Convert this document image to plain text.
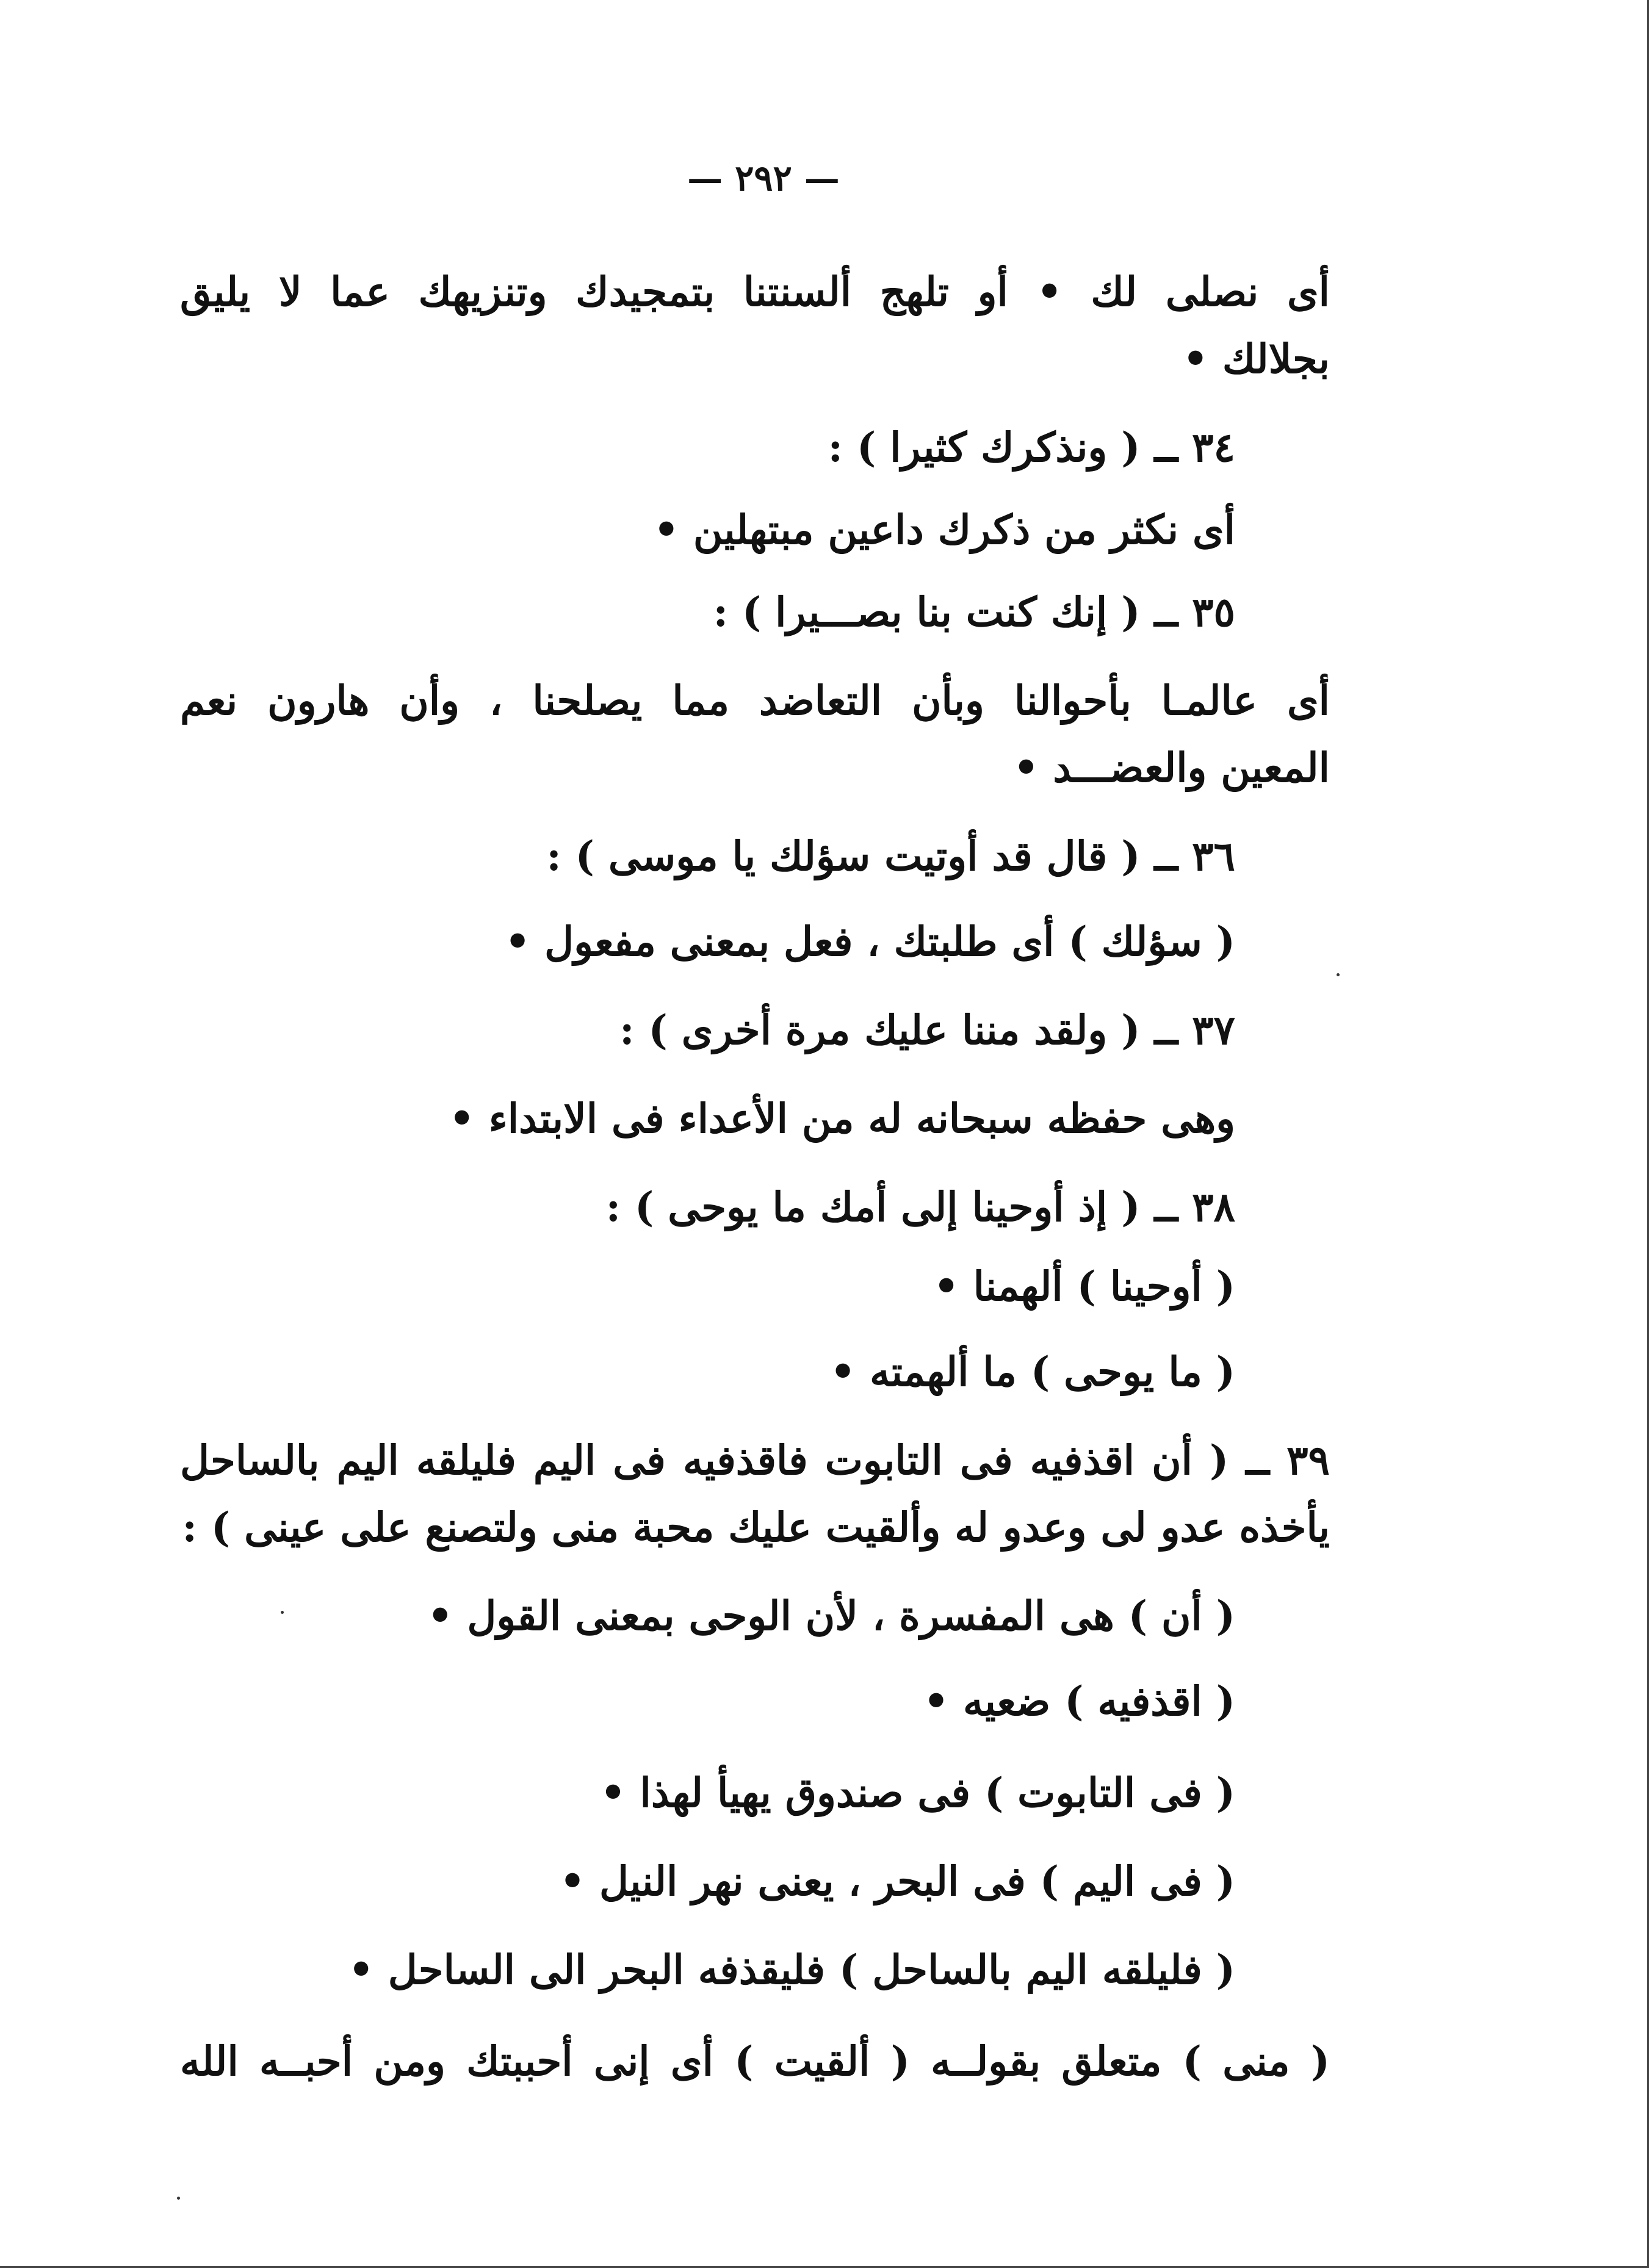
— ٢٩٢ —
أى نصلى لك • أو تلهج ألسنتنا بتمجيدك وتنزيهك عما لا يليق
بجلالك •
٣٤ ــ ( ونذكرك كثيرا ) :
أى نكثر من ذكرك داعين مبتهلين •
٣٥ ــ ( إنك كنت بنا بصـــيرا ) :
أى عالمـا بأحوالنا وبأن التعاضد مما يصلحنا ، وأن هارون نعم
المعين والعضـــد •
٣٦ ــ ( قال قد أوتيت سؤلك يا موسى ) :
( سؤلك ) أى طلبتك ، فعل بمعنى مفعول •
٣٧ ــ ( ولقد مننا عليك مرة أخرى ) :
وهى حفظه سبحانه له من الأعداء فى الابتداء •
٣٨ ــ ( إذ أوحينا إلى أمك ما يوحى ) :
( أوحينا ) ألهمنا •
( ما يوحى ) ما ألهمته •
٣٩ ــ ( أن اقذفيه فى التابوت فاقذفيه فى اليم فليلقه اليم بالساحل
يأخذه عدو لى وعدو له وألقيت عليك محبة منى ولتصنع على عينى ) :
( أن ) هى المفسرة ، لأن الوحى بمعنى القول •
( اقذفيه ) ضعيه •
( فى التابوت ) فى صندوق يهيأ لهذا •
( فى اليم ) فى البحر ، يعنى نهر النيل •
( فليلقه اليم بالساحل ) فليقذفه البحر الى الساحل •
( منى ) متعلق بقولــه ( ألقيت ) أى إنى أحببتك ومن أحبــه الله
